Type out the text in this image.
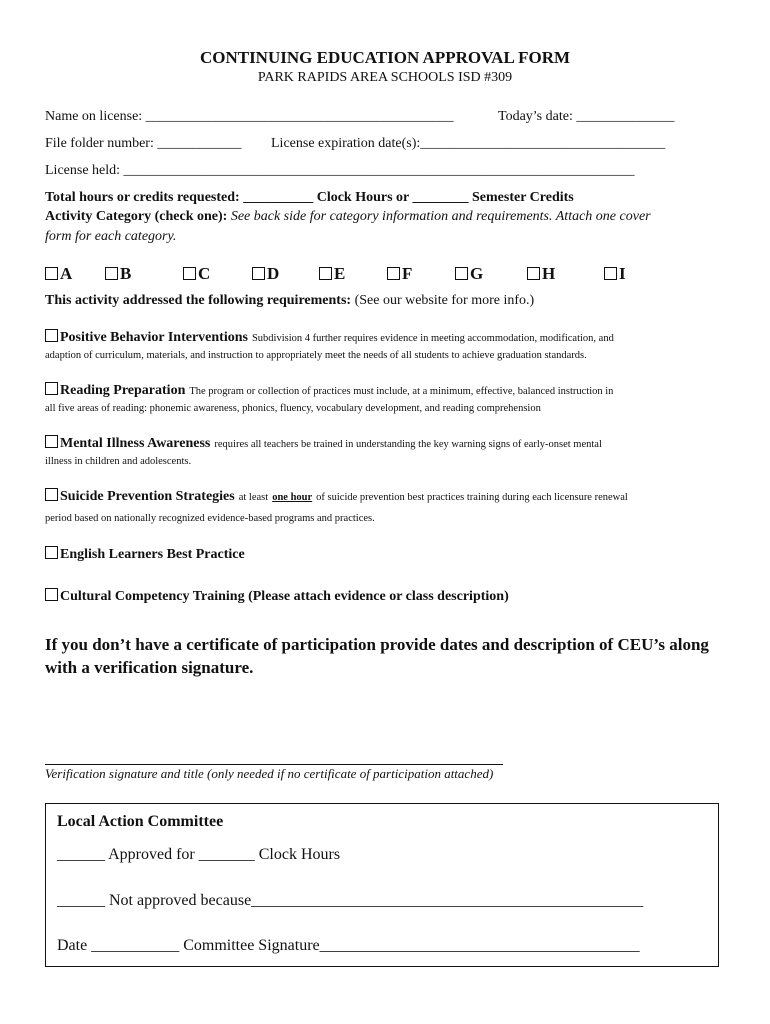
CONTINUING EDUCATION APPROVAL FORM
PARK RAPIDS AREA SCHOOLS ISD #309
Name on license: ____________________________________________	Today’s date: ______________
File folder number: ____________ License expiration date(s):___________________________________
License held: _________________________________________________________________________
Total hours or credits requested: __________ Clock Hours or ________ Semester Credits
Activity Category (check one): See back side for category information and requirements. Attach one cover
form for each category.
A	B	C	D	E	F	G	H	I
This activity addressed the following requirements: (See our website for more info.)
Positive Behavior Interventions Subdivision 4 further requires evidence in meeting accommodation, modification, and
adaption of curriculum, materials, and instruction to appropriately meet the needs of all students to achieve graduation standards.
Reading Preparation The program or collection of practices must include, at a minimum, effective, balanced instruction in
all five areas of reading: phonemic awareness, phonics, fluency, vocabulary development, and reading comprehension
Mental Illness Awareness requires all teachers be trained in understanding the key warning signs of early-onset mental
illness in children and adolescents.
Suicide Prevention Strategies at least one hour of suicide prevention best practices training during each licensure renewal
period based on nationally recognized evidence-based programs and practices.
English Learners Best Practice
Cultural Competency Training (Please attach evidence or class description)
If you don’t have a certificate of participation provide dates and description of CEU’s along with a verification signature.
Verification signature and title (only needed if no certificate of participation attached)
Local Action Committee
______ Approved for _______ Clock Hours
______ Not approved because_________________________________________________
Date ___________ Committee Signature________________________________________
